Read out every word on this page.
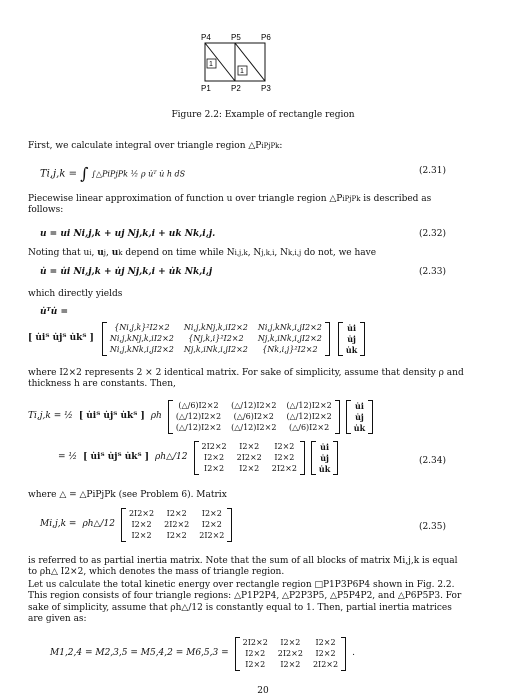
P4	P5	P6
1
1
P1	P2	P3
Figure 2.2: Example of rectangle region
First, we calculate integral over triangle region △PiPjPk:
Ti,j,k = ∫ ∫△PiPjPk ½ ρ u̇ᵀ u̇ h dS	(2.31)
Piecewise linear approximation of function u over triangle region △PiPjPk is described as follows:
u = ui Ni,j,k + uj Nj,k,i + uk Nk,i,j.	(2.32)
Noting that ui, uj, uk depend on time while Ni,j,k, Nj,k,i, Nk,i,j do not, we have
u̇ = u̇i Ni,j,k + u̇j Nj,k,i + u̇k Nk,i,j	(2.33)
which directly yields
u̇ᵀu̇ =
[ u̇iᵀ u̇jᵀ u̇kᵀ ]
{Ni,j,k}²I2×2	Ni,j,kNj,k,iI2×2 Ni,j,kNk,i,jI2×2
Ni,j,kNj,k,iI2×2	{Nj,k,i}²I2×2	Nj,k,iNk,i,jI2×2
Ni,j,kNk,i,jI2×2 Nj,k,iNk,i,jI2×2	{Nk,i,j}²I2×2
u̇i
u̇j
u̇k
where I2×2 represents 2 × 2 identical matrix. For sake of simplicity, assume that density ρ and thickness h are constants. Then,
Ti,j,k = ½ [ u̇iᵀ u̇jᵀ u̇kᵀ ] ρh
(△/6)I2×2	(△/12)I2×2 (△/12)I2×2
(△/12)I2×2	(△/6)I2×2	(△/12)I2×2
(△/12)I2×2 (△/12)I2×2	(△/6)I2×2
u̇i
u̇j
u̇k
= ½ [ u̇iᵀ u̇jᵀ u̇kᵀ ] ρh△/12
2I2×2	I2×2	I2×2
I2×2	2I2×2	I2×2
I2×2	I2×2	2I2×2
u̇i
u̇j
u̇k
(2.34)
where △ = △PiPjPk (see Problem 6). Matrix
Mi,j,k = ρh△/12
2I2×2	I2×2	I2×2
I2×2	2I2×2	I2×2
I2×2	I2×2	2I2×2
(2.35)
is referred to as partial inertia matrix. Note that the sum of all blocks of matrix Mi,j,k is equal to ρh△ I2×2, which denotes the mass of triangle region.
Let us calculate the total kinetic energy over rectangle region □P1P3P6P4 shown in Fig. 2.2. This region consists of four triangle regions: △P1P2P4, △P2P3P5, △P5P4P2, and △P6P5P3. For sake of simplicity, assume that ρh△/12 is constantly equal to 1. Then, partial inertia matrices are given as:
M1,2,4 = M2,3,5 = M5,4,2 = M6,5,3 =
2I2×2	I2×2	I2×2
I2×2	2I2×2	I2×2
I2×2	I2×2	2I2×2
.
20
